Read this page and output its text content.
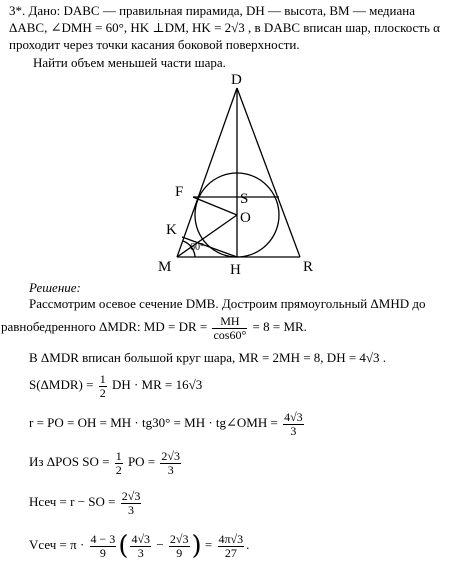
3*. Дано: DABC — правильная пирамида, DH — высота, BM — медиана
ΔABC, ∠DMH = 60°, HK ⊥DM, HK = 2√3 , в DABC вписан шар, плоскость α
проходит через точки касания боковой поверхности.
Найти объем меньшей части шара.
D
F	S
O
K
60°
M	H	R
Решение:
Рассмотрим осевое сечение DMB. Достроим прямоугольный ΔMHD до
равнобедренного ΔMDR: MD = DR = $\frac{MH}{\cos 60^\circ} = 8$ = MR.
В ΔMDR вписан большой круг шара, MR = 2MH = 8, DH = 4√3 .
$S(\Delta MDR) = \frac{1}{2}$ DH · MR = 16√3
r = PO = OH = MH · tg30° = MH · tg∠OMH = $\frac{4√3}{3}$
Из ΔPOS SO = $\frac{1}{2}$ PO = $\frac{2√3}{3}$
Hсеч = r − SO = $\frac{2√3}{3}$
Vсеч = $\pi \cdot \frac{4 - 3}{9}$ ( $\frac{4√3}{3} - \frac{2√3}{9}$ ) = $\frac{4\pi√3}{27}$ .
